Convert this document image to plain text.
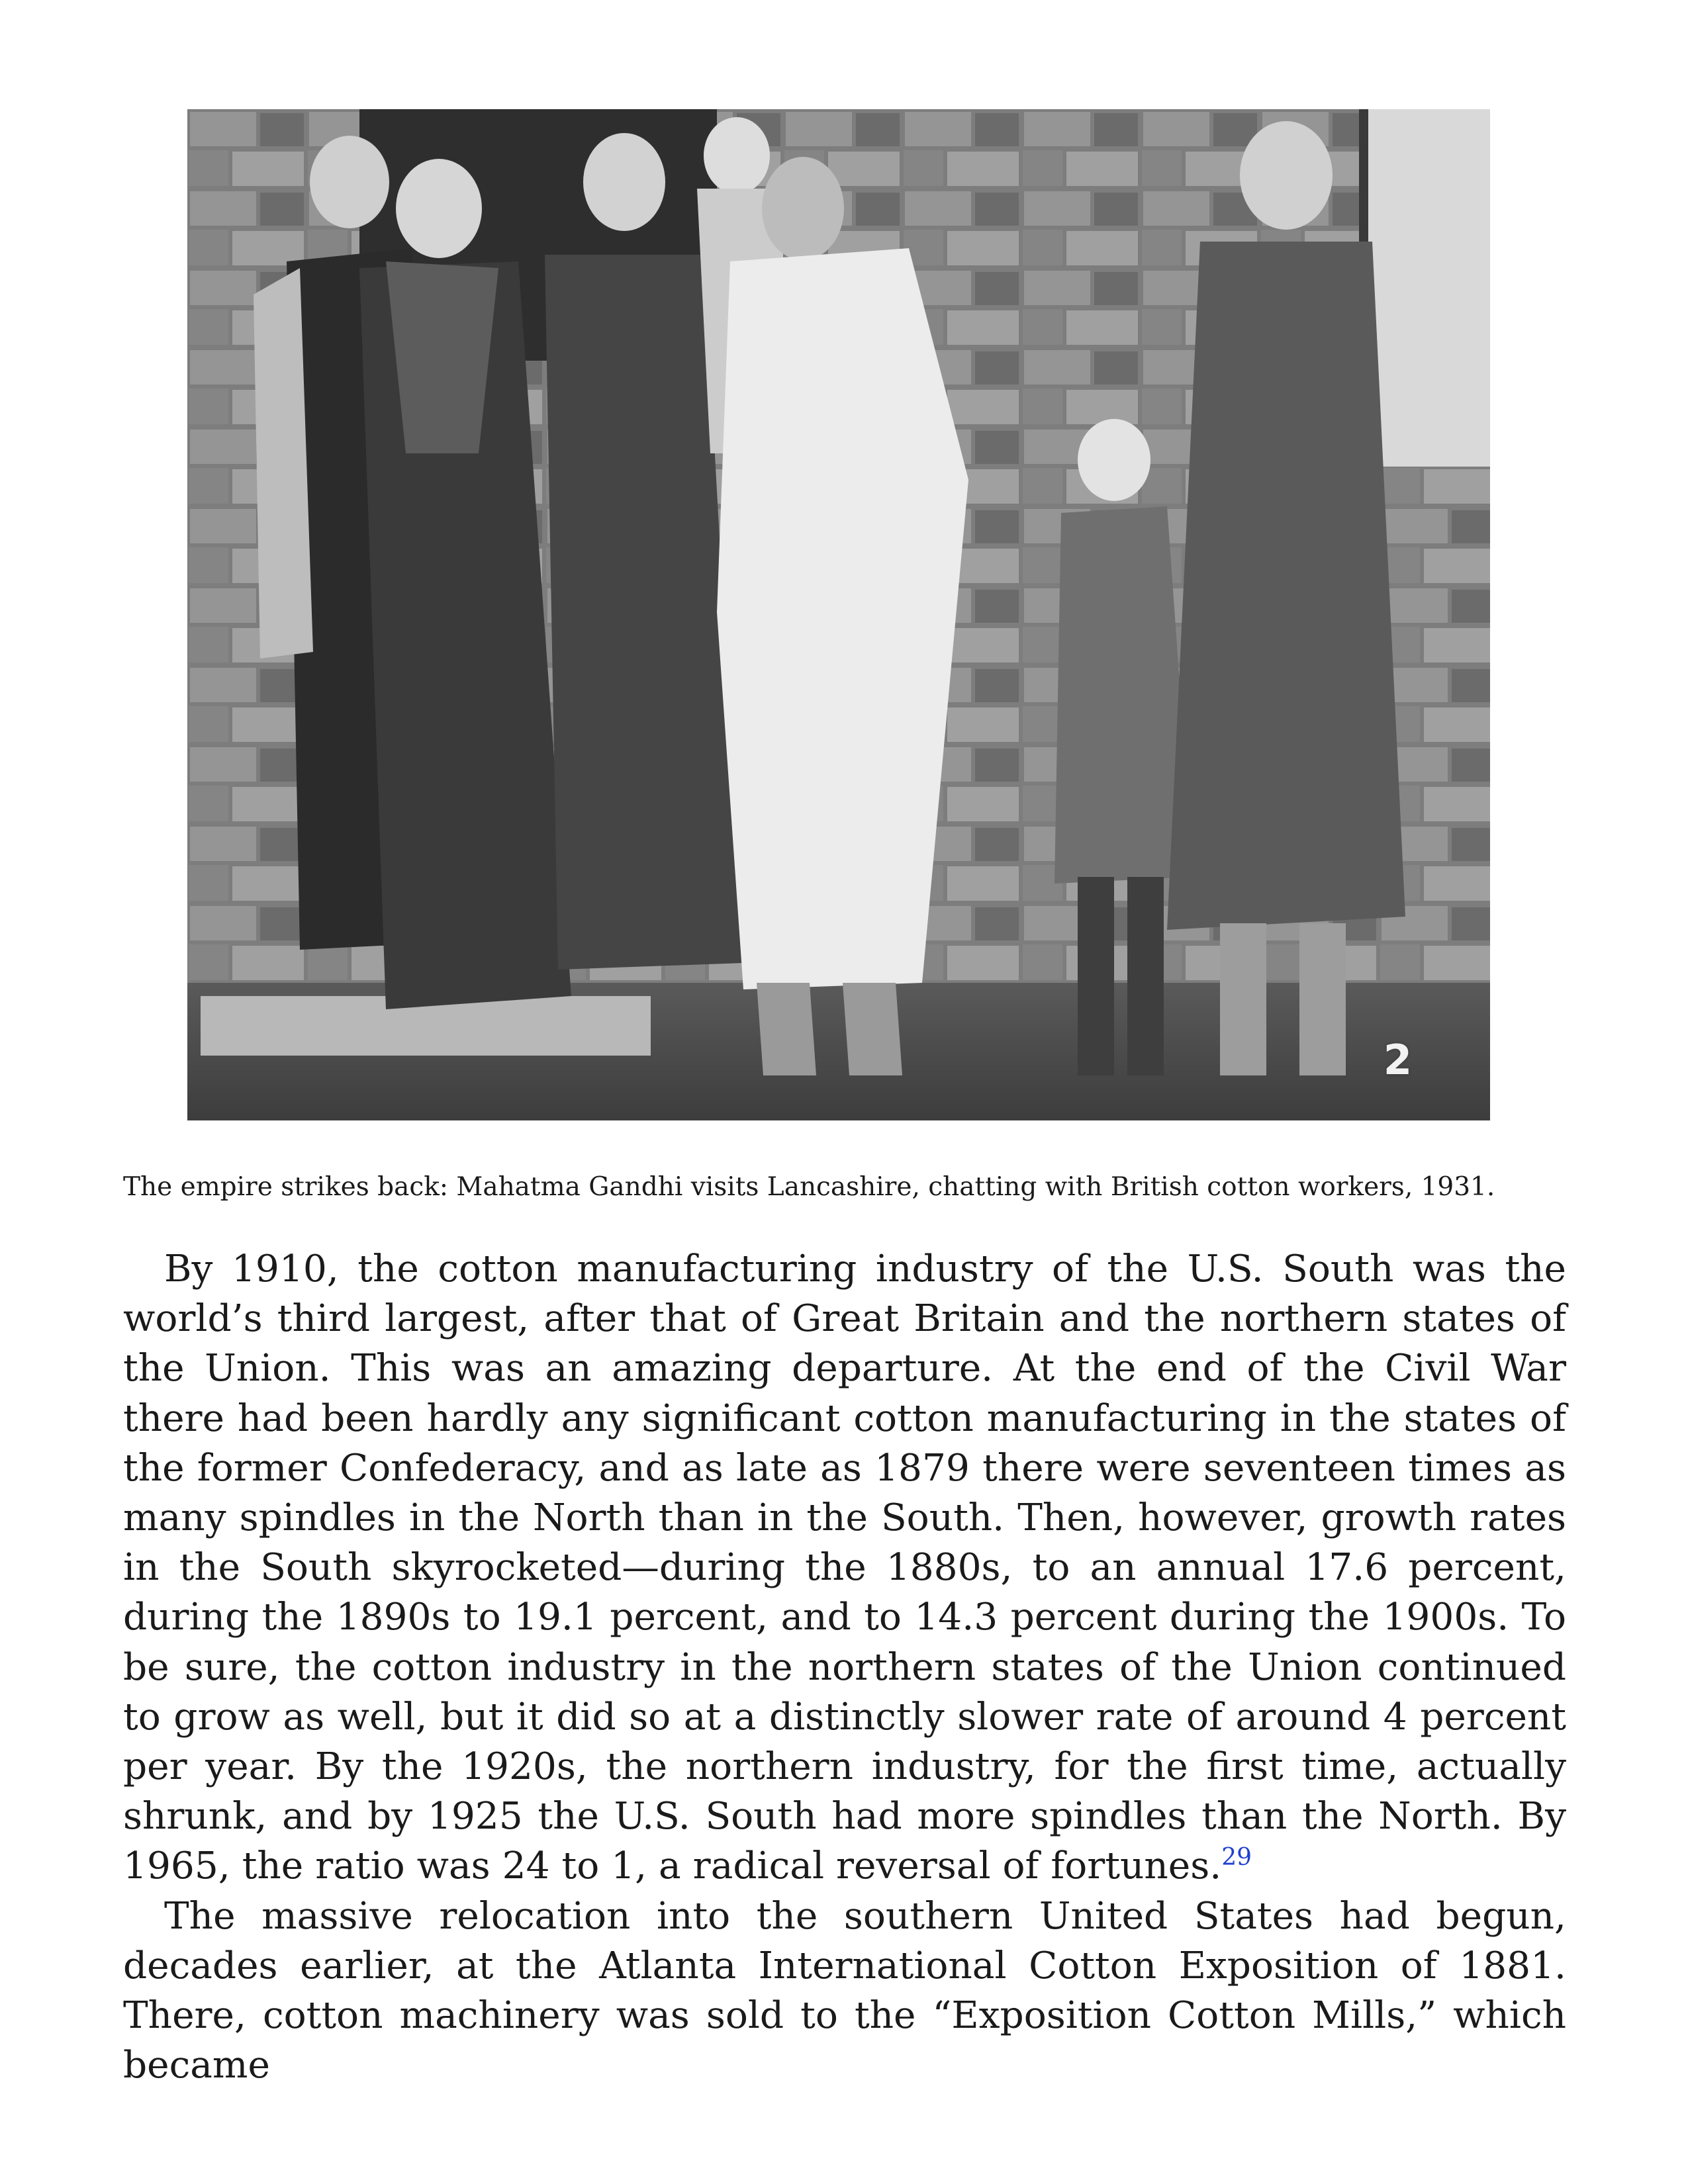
2
The empire strikes back: Mahatma Gandhi visits Lancashire, chatting with British cotton workers, 1931.

By 1910, the cotton manufacturing industry of the U.S. South was the world’s third largest, after that of Great Britain and the northern states of the Union. This was an amazing departure. At the end of the Civil War there had been hardly any significant cotton manufacturing in the states of the former Confederacy, and as late as 1879 there were seventeen times as many spindles in the North than in the South. Then, however, growth rates in the South skyrocketed—during the 1880s, to an annual 17.6 percent, during the 1890s to 19.1 percent, and to 14.3 percent during the 1900s. To be sure, the cotton industry in the northern states of the Union continued to grow as well, but it did so at a distinctly slower rate of around 4 percent per year. By the 1920s, the northern industry, for the first time, actually shrunk, and by 1925 the U.S. South had more spindles than the North. By 1965, the ratio was 24 to 1, a radical reversal of fortunes.$^{29}$

The massive relocation into the southern United States had begun, decades earlier, at the Atlanta International Cotton Exposition of 1881. There, cotton machinery was sold to the “Exposition Cotton Mills,” which became
